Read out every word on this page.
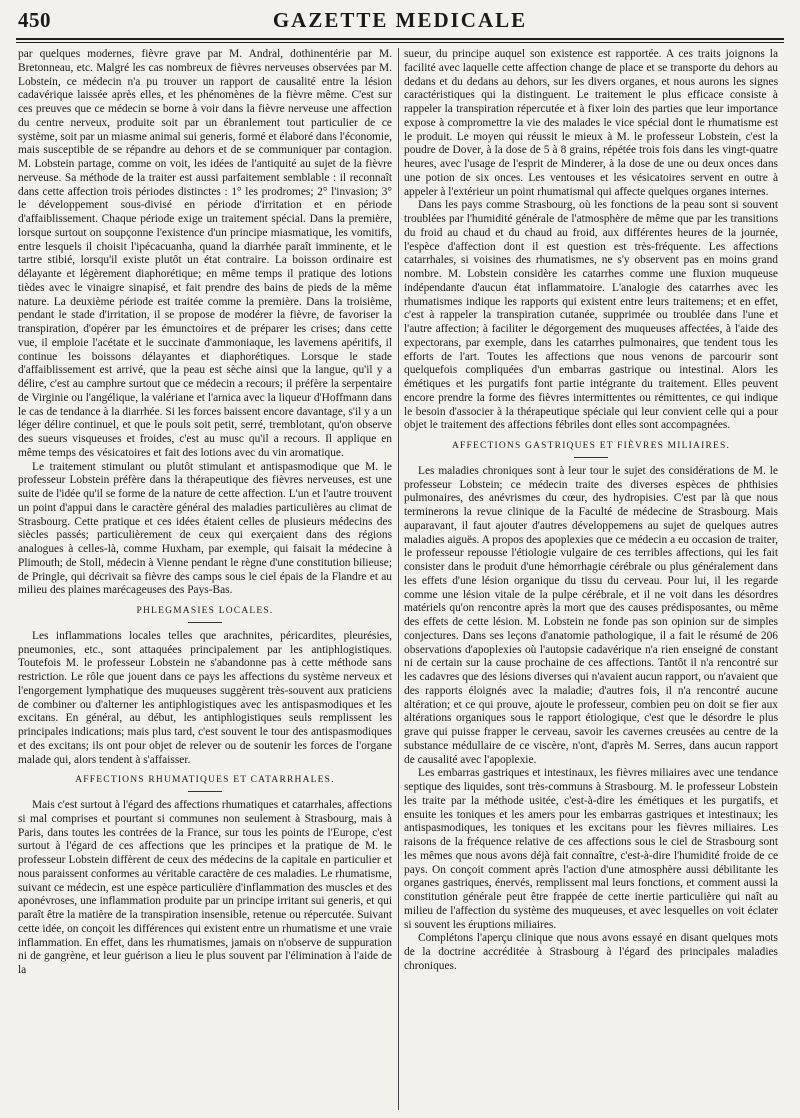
450	GAZETTE MEDICALE

par quelques modernes, fièvre grave par M. Andral, dothinentérie par M. Bretonneau, etc. Malgré les cas nombreux de fièvres nerveuses observées par M. Lobstein, ce médecin n'a pu trouver un rapport de causalité entre la lésion cadavérique laissée après elles, et les phénomènes de la fièvre même. C'est sur ces preuves que ce médecin se borne à voir dans la fièvre nerveuse une affection du centre nerveux, produite soit par un ébranlement tout particulier de ce système, soit par un miasme animal sui generis, formé et élaboré dans l'économie, mais susceptible de se répandre au dehors et de se communiquer par contagion. M. Lobstein partage, comme on voit, les idées de l'antiquité au sujet de la fièvre nerveuse. Sa méthode de la traiter est aussi parfaitement semblable : il reconnaît dans cette affection trois périodes distinctes : 1° les prodromes; 2° l'invasion; 3° le développement sous-divisé en période d'irritation et en période d'affaiblissement. Chaque période exige un traitement spécial. Dans la première, lorsque surtout on soupçonne l'existence d'un principe miasmatique, les vomitifs, entre lesquels il choisit l'ipécacuanha, quand la diarrhée paraît imminente, et le tartre stibié, lorsqu'il existe plutôt un état contraire. La boisson ordinaire est délayante et légèrement diaphorétique; en même temps il pratique des lotions tièdes avec le vinaigre sinapisé, et fait prendre des bains de pieds de la même nature. La deuxième période est traitée comme la première. Dans la troisième, pendant le stade d'irritation, il se propose de modérer la fièvre, de favoriser la transpiration, d'opérer par les émunctoires et de préparer les crises; dans cette vue, il emploie l'acétate et le succinate d'ammoniaque, les lavemens apéritifs, il continue les boissons délayantes et diaphorétiques. Lorsque le stade d'affaiblissement est arrivé, que la peau est sèche ainsi que la langue, qu'il y a délire, c'est au camphre surtout que ce médecin a recours; il préfère la serpentaire de Virginie ou l'angélique, la valériane et l'arnica avec la liqueur d'Hoffmann dans le cas de tendance à la diarrhée. Si les forces baissent encore davantage, s'il y a un léger délire continuel, et que le pouls soit petit, serré, tremblotant, qu'on observe des sueurs visqueuses et froides, c'est au musc qu'il a recours. Il applique en même temps des vésicatoires et fait des lotions avec du vin aromatique.

Le traitement stimulant ou plutôt stimulant et antispasmodique que M. le professeur Lobstein préfère dans la thérapeutique des fièvres nerveuses, est une suite de l'idée qu'il se forme de la nature de cette affection. L'un et l'autre trouvent un point d'appui dans le caractère général des maladies particulières au climat de Strasbourg. Cette pratique et ces idées étaient celles de plusieurs médecins des siècles passés; particulièrement de ceux qui exerçaient dans des régions analogues à celles-là, comme Huxham, par exemple, qui faisait la médecine à Plimouth; de Stoll, médecin à Vienne pendant le règne d'une constitution bilieuse; de Pringle, qui décrivait sa fièvre des camps sous le ciel épais de la Flandre et au milieu des plaines marécageuses des Pays-Bas.

PHLEGMASIES LOCALES.

Les inflammations locales telles que arachnites, péricardites, pleurésies, pneumonies, etc., sont attaquées principalement par les antiphlogistiques. Toutefois M. le professeur Lobstein ne s'abandonne pas à cette méthode sans restriction. Le rôle que jouent dans ce pays les affections du système nerveux et l'engorgement lymphatique des muqueuses suggèrent très-souvent aux praticiens de combiner ou d'alterner les antiphlogistiques avec les antispasmodiques et les excitans. En général, au début, les antiphlogistiques seuls remplissent les principales indications; mais plus tard, c'est souvent le tour des antispasmodiques et des excitans; ils ont pour objet de relever ou de soutenir les forces de l'organe malade qui, alors tendent à s'affaisser.

AFFECTIONS RHUMATIQUES ET CATARRHALES.

Mais c'est surtout à l'égard des affections rhumatiques et catarrhales, affections si mal comprises et pourtant si communes non seulement à Strasbourg, mais à Paris, dans toutes les contrées de la France, sur tous les points de l'Europe, c'est surtout à l'égard de ces affections que les principes et la pratique de M. le professeur Lobstein diffèrent de ceux des médecins de la capitale en particulier et nous paraissent conformes au véritable caractère de ces maladies. Le rhumatisme, suivant ce médecin, est une espèce particulière d'inflammation des muscles et des aponévroses, une inflammation produite par un principe irritant sui generis, et qui paraît être la matière de la transpiration insensible, retenue ou répercutée. Suivant cette idée, on conçoit les différences qui existent entre un rhumatisme et une vraie inflammation. En effet, dans les rhumatismes, jamais on n'observe de suppuration ni de gangrène, et leur guérison a lieu le plus souvent par l'élimination à l'aide de la

sueur, du principe auquel son existence est rapportée. A ces traits joignons la facilité avec laquelle cette affection change de place et se transporte du dehors au dedans et du dedans au dehors, sur les divers organes, et nous aurons les signes caractéristiques qui la distinguent. Le traitement le plus efficace consiste à rappeler la transpiration répercutée et à fixer loin des parties que leur importance expose à compromettre la vie des malades le vice spécial dont le rhumatisme est le produit. Le moyen qui réussit le mieux à M. le professeur Lobstein, c'est la poudre de Dover, à la dose de 5 à 8 grains, répétée trois fois dans les vingt-quatre heures, avec l'usage de l'esprit de Minderer, à la dose de une ou deux onces dans une potion de six onces. Les ventouses et les vésicatoires servent en outre à appeler à l'extérieur un point rhumatismal qui affecte quelques organes internes.

Dans les pays comme Strasbourg, où les fonctions de la peau sont si souvent troublées par l'humidité générale de l'atmosphère de même que par les transitions du froid au chaud et du chaud au froid, aux différentes heures de la journée, l'espèce d'affection dont il est question est très-fréquente. Les affections catarrhales, si voisines des rhumatismes, ne s'y observent pas en moins grand nombre. M. Lobstein considère les catarrhes comme une fluxion muqueuse indépendante d'aucun état inflammatoire. L'analogie des catarrhes avec les rhumatismes indique les rapports qui existent entre leurs traitemens; et en effet, c'est à rappeler la transpiration cutanée, supprimée ou troublée dans l'une et l'autre affection; à faciliter le dégorgement des muqueuses affectées, à l'aide des expectorans, par exemple, dans les catarrhes pulmonaires, que tendent tous les efforts de l'art. Toutes les affections que nous venons de parcourir sont quelquefois compliquées d'un embarras gastrique ou intestinal. Alors les émétiques et les purgatifs font partie intégrante du traitement. Elles peuvent encore prendre la forme des fièvres intermittentes ou rémittentes, ce qui indique le besoin d'associer à la thérapeutique spéciale qui leur convient celle qui a pour objet le traitement des affections fébriles dont elles sont accompagnées.

AFFECTIONS GASTRIQUES ET FIÈVRES MILIAIRES.

Les maladies chroniques sont à leur tour le sujet des considérations de M. le professeur Lobstein; ce médecin traite des diverses espèces de phthisies pulmonaires, des anévrismes du cœur, des hydropisies. C'est par là que nous terminerons la revue clinique de la Faculté de médecine de Strasbourg. Mais auparavant, il faut ajouter d'autres développemens au sujet de quelques autres maladies aiguës. A propos des apoplexies que ce médecin a eu occasion de traiter, le professeur repousse l'étiologie vulgaire de ces terribles affections, qui les fait consister dans le produit d'une hémorrhagie cérébrale ou plus généralement dans les effets d'une lésion organique du tissu du cerveau. Pour lui, il les regarde comme une lésion vitale de la pulpe cérébrale, et il ne voit dans les désordres matériels qu'on rencontre après la mort que des causes prédisposantes, ou même des effets de cette lésion. M. Lobstein ne fonde pas son opinion sur de simples conjectures. Dans ses leçons d'anatomie pathologique, il a fait le résumé de 206 observations d'apoplexies où l'autopsie cadavérique n'a rien enseigné de constant ni de certain sur la cause prochaine de ces affections. Tantôt il n'a rencontré sur les cadavres que des lésions diverses qui n'avaient aucun rapport, ou n'avaient que des rapports éloignés avec la maladie; d'autres fois, il n'a rencontré aucune altération; et ce qui prouve, ajoute le professeur, combien peu on doit se fier aux altérations organiques sous le rapport étiologique, c'est que le désordre le plus grave qui puisse frapper le cerveau, savoir les cavernes creusées au centre de la substance médullaire de ce viscère, n'ont, d'après M. Serres, dans aucun rapport de causalité avec l'apoplexie.

Les embarras gastriques et intestinaux, les fièvres miliaires avec une tendance septique des liquides, sont très-communs à Strasbourg. M. le professeur Lobstein les traite par la méthode usitée, c'est-à-dire les émétiques et les purgatifs, et ensuite les toniques et les amers pour les embarras gastriques et intestinaux; les antispasmodiques, les toniques et les excitans pour les fièvres miliaires. Les raisons de la fréquence relative de ces affections sous le ciel de Strasbourg sont les mêmes que nous avons déjà fait connaître, c'est-à-dire l'humidité froide de ce pays. On conçoit comment après l'action d'une atmosphère aussi débilitante les organes gastriques, énervés, remplissent mal leurs fonctions, et comment aussi la constitution générale peut être frappée de cette inertie particulière qui naît au milieu de l'affection du système des muqueuses, et avec lesquelles on voit éclater si souvent les éruptions miliaires.

Complétons l'aperçu clinique que nous avons essayé en disant quelques mots de la doctrine accréditée à Strasbourg à l'égard des principales maladies chroniques.
